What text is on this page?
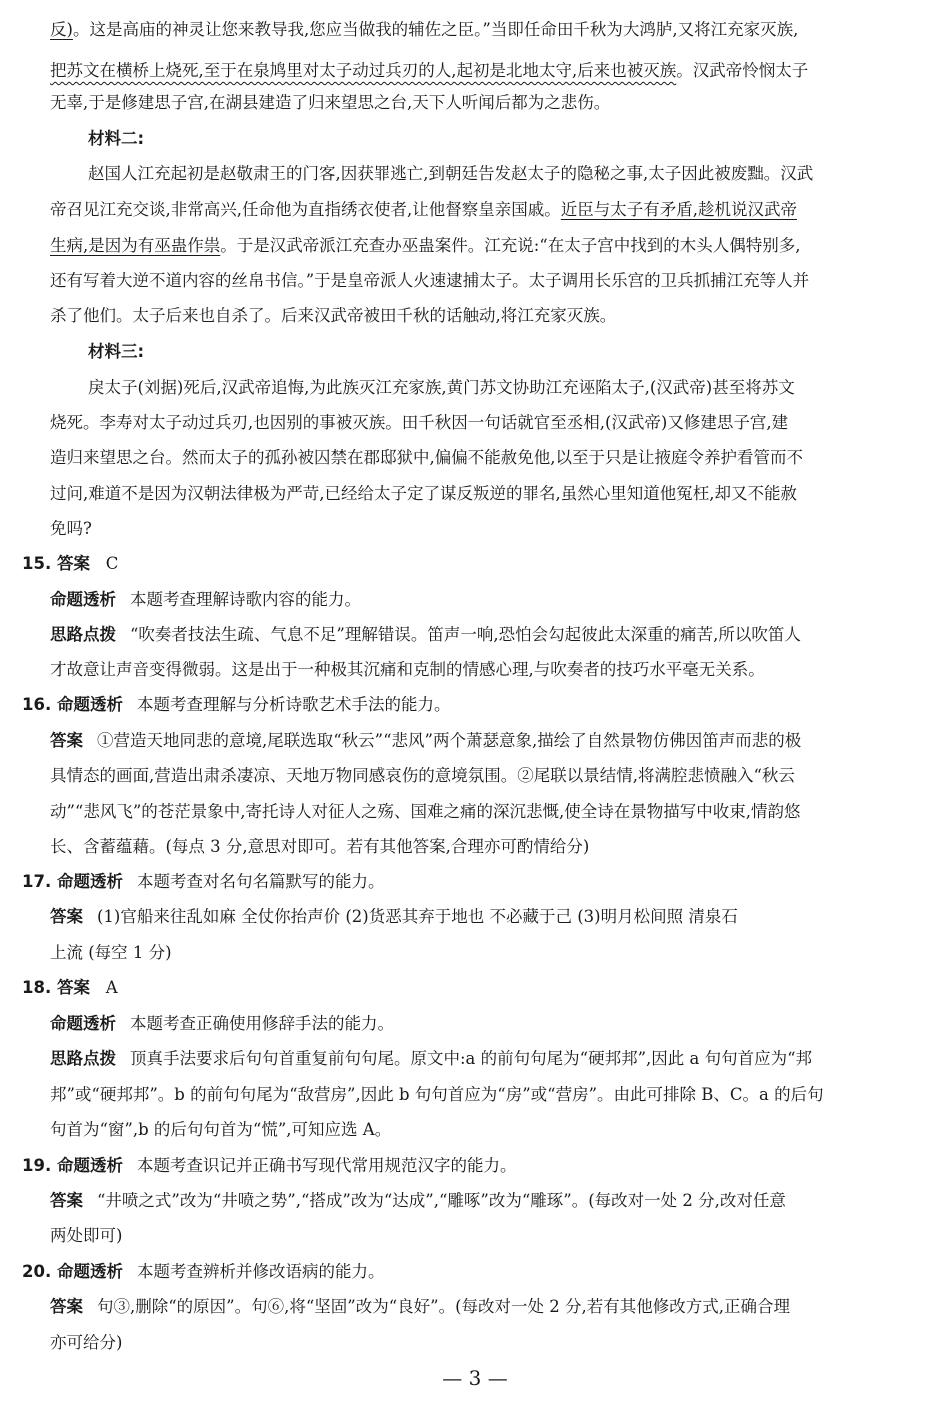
反)。这是高庙的神灵让您来教导我,您应当做我的辅佐之臣。”当即任命田千秋为大鸿胪,又将江充家灭族,
把苏文在横桥上烧死,至于在泉鸠里对太子动过兵刃的人,起初是北地太守,后来也被灭族。汉武帝怜悯太子
无辜,于是修建思子宫,在湖县建造了归来望思之台,天下人听闻后都为之悲伤。
材料二:
赵国人江充起初是赵敬肃王的门客,因获罪逃亡,到朝廷告发赵太子的隐秘之事,太子因此被废黜。汉武
帝召见江充交谈,非常高兴,任命他为直指绣衣使者,让他督察皇亲国戚。近臣与太子有矛盾,趁机说汉武帝
生病,是因为有巫蛊作祟。于是汉武帝派江充查办巫蛊案件。江充说:“在太子宫中找到的木头人偶特别多,
还有写着大逆不道内容的丝帛书信。”于是皇帝派人火速逮捕太子。太子调用长乐宫的卫兵抓捕江充等人并
杀了他们。太子后来也自杀了。后来汉武帝被田千秋的话触动,将江充家灭族。
材料三:
戾太子(刘据)死后,汉武帝追悔,为此族灭江充家族,黄门苏文协助江充诬陷太子,(汉武帝)甚至将苏文
烧死。李寿对太子动过兵刃,也因别的事被灭族。田千秋因一句话就官至丞相,(汉武帝)又修建思子宫,建
造归来望思之台。然而太子的孤孙被囚禁在郡邸狱中,偏偏不能赦免他,以至于只是让掖庭令养护看管而不
过问,难道不是因为汉朝法律极为严苛,已经给太子定了谋反叛逆的罪名,虽然心里知道他冤枉,却又不能赦
免吗?
15. 答案 C
命题透析 本题考查理解诗歌内容的能力。
思路点拨 “吹奏者技法生疏、气息不足”理解错误。笛声一响,恐怕会勾起彼此太深重的痛苦,所以吹笛人
才故意让声音变得微弱。这是出于一种极其沉痛和克制的情感心理,与吹奏者的技巧水平毫无关系。
16. 命题透析 本题考查理解与分析诗歌艺术手法的能力。
答案 ①营造天地同悲的意境,尾联选取“秋云”“悲风”两个萧瑟意象,描绘了自然景物仿佛因笛声而悲的极
具情态的画面,营造出肃杀凄凉、天地万物同感哀伤的意境氛围。②尾联以景结情,将满腔悲愤融入“秋云
动”“悲风飞”的苍茫景象中,寄托诗人对征人之殇、国难之痛的深沉悲慨,使全诗在景物描写中收束,情韵悠
长、含蓄蕴藉。(每点 3 分,意思对即可。若有其他答案,合理亦可酌情给分)
17. 命题透析 本题考查对名句名篇默写的能力。
答案 (1)官船来往乱如麻 全仗你抬声价 (2)货恶其弃于地也 不必藏于己 (3)明月松间照 清泉石
上流 (每空 1 分)
18. 答案 A
命题透析 本题考查正确使用修辞手法的能力。
思路点拨 顶真手法要求后句句首重复前句句尾。原文中:a 的前句句尾为“硬邦邦”,因此 a 句句首应为“邦
邦”或“硬邦邦”。b 的前句句尾为“敌营房”,因此 b 句句首应为“房”或“营房”。由此可排除 B、C。a 的后句
句首为“窗”,b 的后句句首为“慌”,可知应选 A。
19. 命题透析 本题考查识记并正确书写现代常用规范汉字的能力。
答案 “井喷之式”改为“井喷之势”,“搭成”改为“达成”,“雕啄”改为“雕琢”。(每改对一处 2 分,改对任意
两处即可)
20. 命题透析 本题考查辨析并修改语病的能力。
答案 句③,删除“的原因”。句⑥,将“坚固”改为“良好”。(每改对一处 2 分,若有其他修改方式,正确合理
亦可给分)
— 3 —
